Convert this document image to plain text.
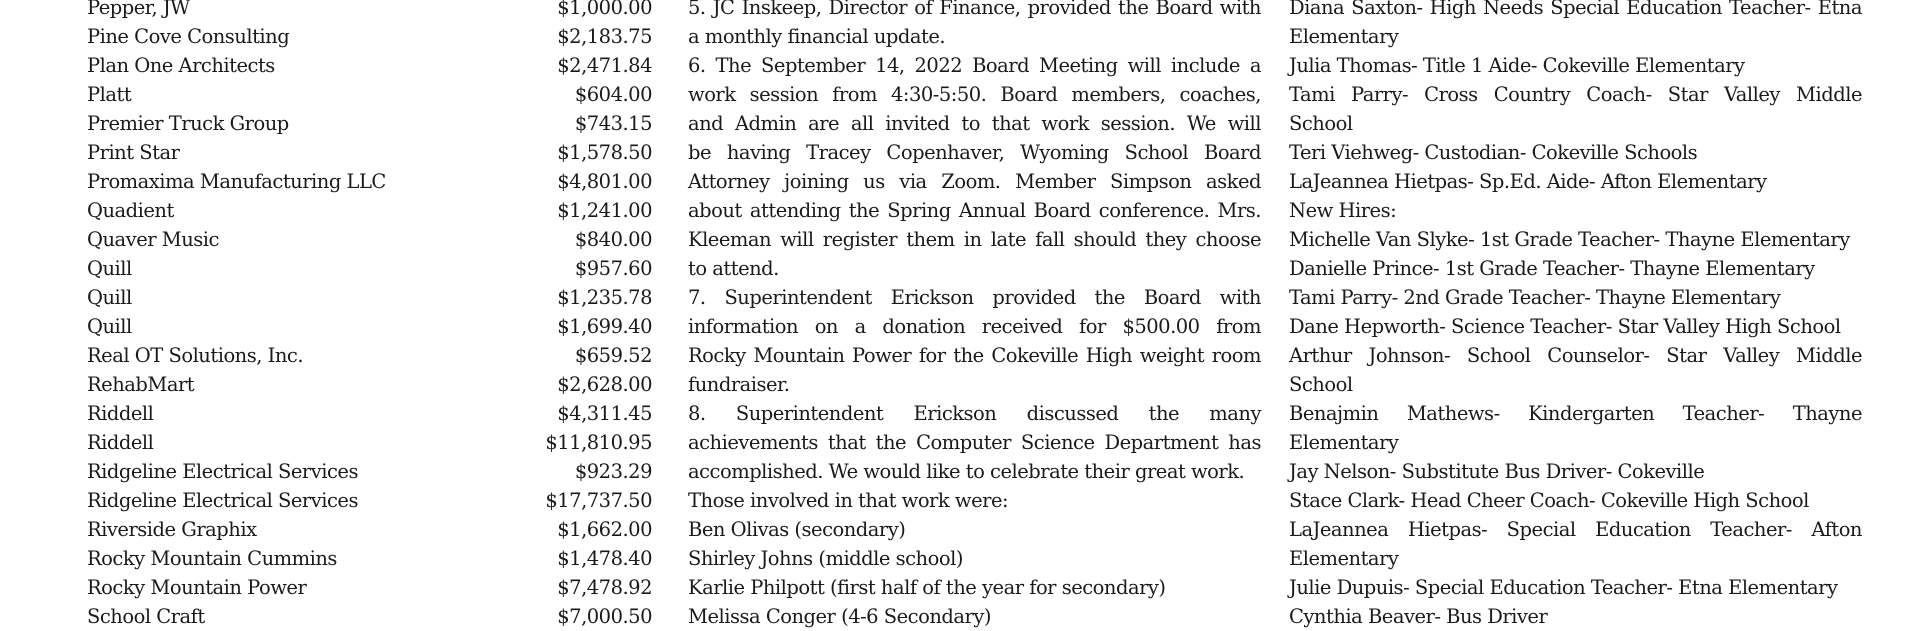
Pepper, JW	$1,000.00
Pine Cove Consulting	$2,183.75
Plan One Architects	$2,471.84
Platt	$604.00
Premier Truck Group	$743.15
Print Star	$1,578.50
Promaxima Manufacturing LLC	$4,801.00
Quadient	$1,241.00
Quaver Music	$840.00
Quill	$957.60
Quill	$1,235.78
Quill	$1,699.40
Real OT Solutions, Inc.	$659.52
RehabMart	$2,628.00
Riddell	$4,311.45
Riddell	$11,810.95
Ridgeline Electrical Services	$923.29
Ridgeline Electrical Services	$17,737.50
Riverside Graphix	$1,662.00
Rocky Mountain Cummins	$1,478.40
Rocky Mountain Power	$7,478.92
School Craft	$7,000.50
5. JC Inskeep, Director of Finance, provided the Board with
a monthly financial update.
6. The September 14, 2022 Board Meeting will include a
work session from 4:30-5:50. Board members, coaches,
and Admin are all invited to that work session. We will
be having Tracey Copenhaver, Wyoming School Board
Attorney joining us via Zoom. Member Simpson asked
about attending the Spring Annual Board conference. Mrs.
Kleeman will register them in late fall should they choose
to attend.
7. Superintendent Erickson provided the Board with
information on a donation received for $500.00 from
Rocky Mountain Power for the Cokeville High weight room
fundraiser.
8. Superintendent Erickson discussed the many
achievements that the Computer Science Department has
accomplished. We would like to celebrate their great work.
Those involved in that work were:
Ben Olivas (secondary)
Shirley Johns (middle school)
Karlie Philpott (first half of the year for secondary)
Melissa Conger (4-6 Secondary)
Diana Saxton- High Needs Special Education Teacher- Etna
Elementary
Julia Thomas- Title 1 Aide- Cokeville Elementary
Tami Parry- Cross Country Coach- Star Valley Middle
School
Teri Viehweg- Custodian- Cokeville Schools
LaJeannea Hietpas- Sp.Ed. Aide- Afton Elementary
New Hires:
Michelle Van Slyke- 1st Grade Teacher- Thayne Elementary
Danielle Prince- 1st Grade Teacher- Thayne Elementary
Tami Parry- 2nd Grade Teacher- Thayne Elementary
Dane Hepworth- Science Teacher- Star Valley High School
Arthur Johnson- School Counselor- Star Valley Middle
School
Benajmin Mathews- Kindergarten Teacher- Thayne
Elementary
Jay Nelson- Substitute Bus Driver- Cokeville
Stace Clark- Head Cheer Coach- Cokeville High School
LaJeannea Hietpas- Special Education Teacher- Afton
Elementary
Julie Dupuis- Special Education Teacher- Etna Elementary
Cynthia Beaver- Bus Driver
